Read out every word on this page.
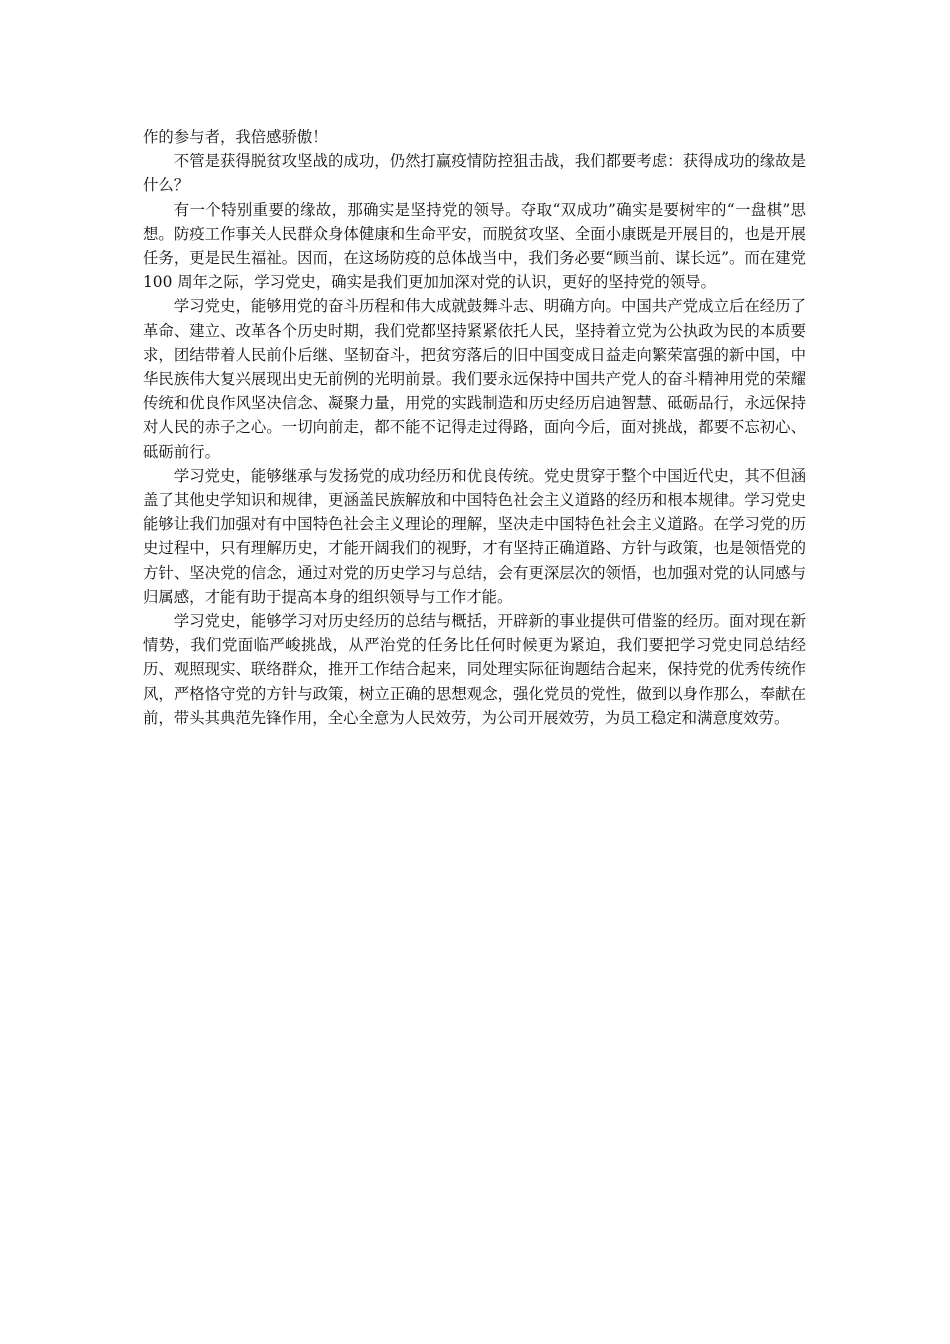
作的参与者，我倍感骄傲！

不管是获得脱贫攻坚战的成功，仍然打赢疫情防控狙击战，我们都要考虑：获得成功的缘故是什么？

有一个特别重要的缘故，那确实是坚持党的领导。夺取“双成功”确实是要树牢的“一盘棋”思想。防疫工作事关人民群众身体健康和生命平安，而脱贫攻坚、全面小康既是开展目的，也是开展任务，更是民生福祉。因而，在这场防疫的总体战当中，我们务必要“顾当前、谋长远”。而在建党 100 周年之际，学习党史，确实是我们更加加深对党的认识，更好的坚持党的领导。

学习党史，能够用党的奋斗历程和伟大成就鼓舞斗志、明确方向。中国共产党成立后在经历了革命、建立、改革各个历史时期，我们党都坚持紧紧依托人民，坚持着立党为公执政为民的本质要求，团结带着人民前仆后继、坚韧奋斗，把贫穷落后的旧中国变成日益走向繁荣富强的新中国，中华民族伟大复兴展现出史无前例的光明前景。我们要永远保持中国共产党人的奋斗精神用党的荣耀传统和优良作风坚决信念、凝聚力量，用党的实践制造和历史经历启迪智慧、砥砺品行，永远保持对人民的赤子之心。一切向前走，都不能不记得走过得路，面向今后，面对挑战，都要不忘初心、砥砺前行。

学习党史，能够继承与发扬党的成功经历和优良传统。党史贯穿于整个中国近代史，其不但涵盖了其他史学知识和规律，更涵盖民族解放和中国特色社会主义道路的经历和根本规律。学习党史能够让我们加强对有中国特色社会主义理论的理解，坚决走中国特色社会主义道路。在学习党的历史过程中，只有理解历史，才能开阔我们的视野，才有坚持正确道路、方针与政策，也是领悟党的方针、坚决党的信念，通过对党的历史学习与总结，会有更深层次的领悟，也加强对党的认同感与归属感，才能有助于提高本身的组织领导与工作才能。

学习党史，能够学习对历史经历的总结与概括，开辟新的事业提供可借鉴的经历。面对现在新情势，我们党面临严峻挑战，从严治党的任务比任何时候更为紧迫，我们要把学习党史同总结经历、观照现实、联络群众，推开工作结合起来，同处理实际征询题结合起来，保持党的优秀传统作风，严格恪守党的方针与政策，树立正确的思想观念，强化党员的党性，做到以身作那么，奉献在前，带头其典范先锋作用，全心全意为人民效劳，为公司开展效劳，为员工稳定和满意度效劳。
